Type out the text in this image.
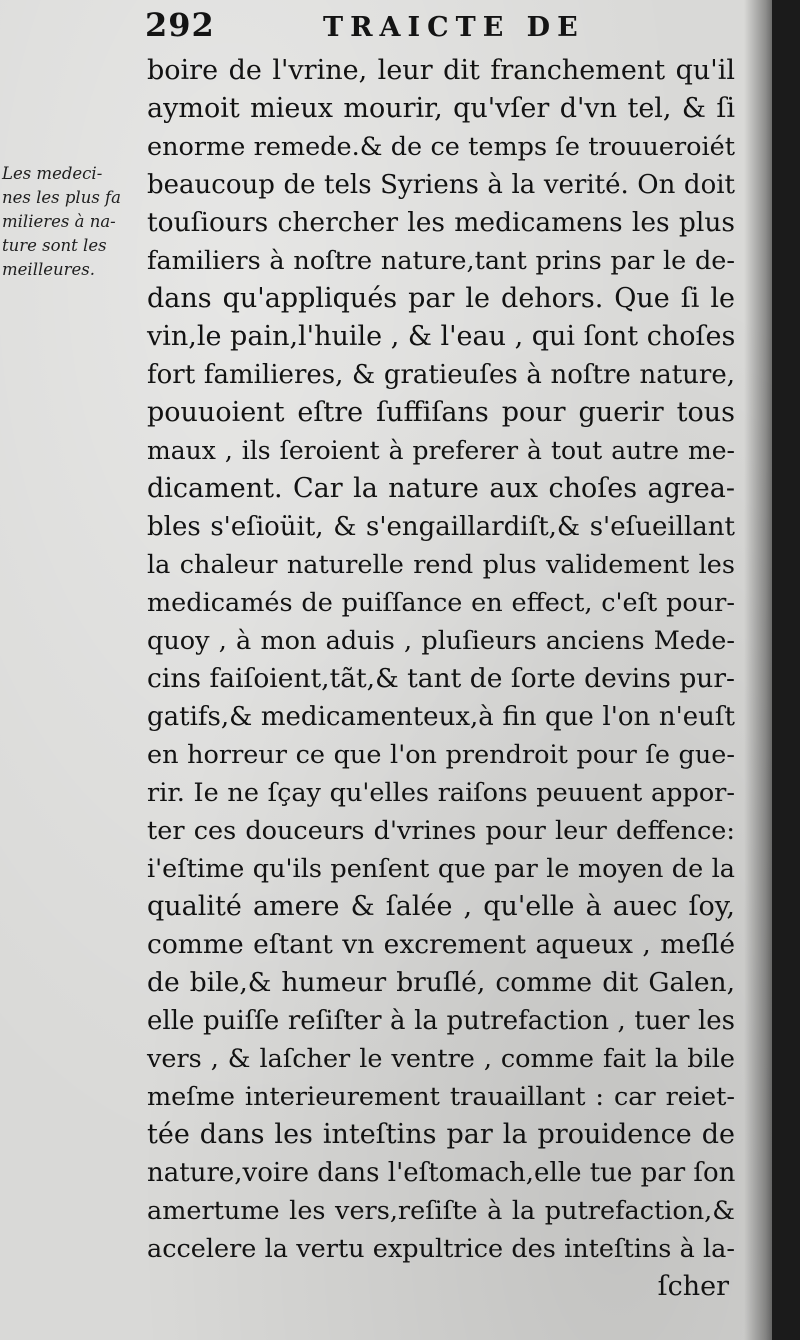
292	TRAICTE DE
Les medeci-
nes les plus fa
milieres à na-
ture sont les
meilleures.
boire de l'vrine, leur dit franchement qu'il
aymoit mieux mourir, qu'vſer d'vn tel, & ſi
enorme remede.& de ce temps ſe trouueroiét
beaucoup de tels Syriens à la verité. On doit
touſiours chercher les medicamens les plus
familiers à noſtre nature,tant prins par le de-
dans qu'appliqués par le dehors. Que ſi le
vin,le pain,l'huile , & l'eau , qui ſont choſes
fort familieres, & gratieuſes à noſtre nature,
pouuoient eſtre ſuffiſans pour guerir tous
maux , ils ſeroient à preferer à tout autre me-
dicament. Car la nature aux choſes agrea-
bles s'eſioüit, & s'engaillardiſt,& s'eſueillant
la chaleur naturelle rend plus validement les
medicamés de puiſſance en effect, c'eſt pour-
quoy , à mon aduis , pluſieurs anciens Mede-
cins faiſoient,tãt,& tant de ſorte devins pur-
gatifs,& medicamenteux,à fin que l'on n'euſt
en horreur ce que l'on prendroit pour ſe gue-
rir. Ie ne ſçay qu'elles raiſons peuuent appor-
ter ces douceurs d'vrines pour leur deffence:
i'eſtime qu'ils penſent que par le moyen de la
qualité amere & ſalée , qu'elle à auec ſoy,
comme eſtant vn excrement aqueux , meſlé
de bile,& humeur bruſlé, comme dit Galen,
elle puiſſe reſiſter à la putrefaction , tuer les
vers , & laſcher le ventre , comme fait la bile
meſme interieurement trauaillant : car reiet-
tée dans les inteſtins par la prouidence de
nature,voire dans l'eſtomach,elle tue par ſon
amertume les vers,reſiſte à la putrefaction,&
accelere la vertu expultrice des inteſtins à la-
ſcher
